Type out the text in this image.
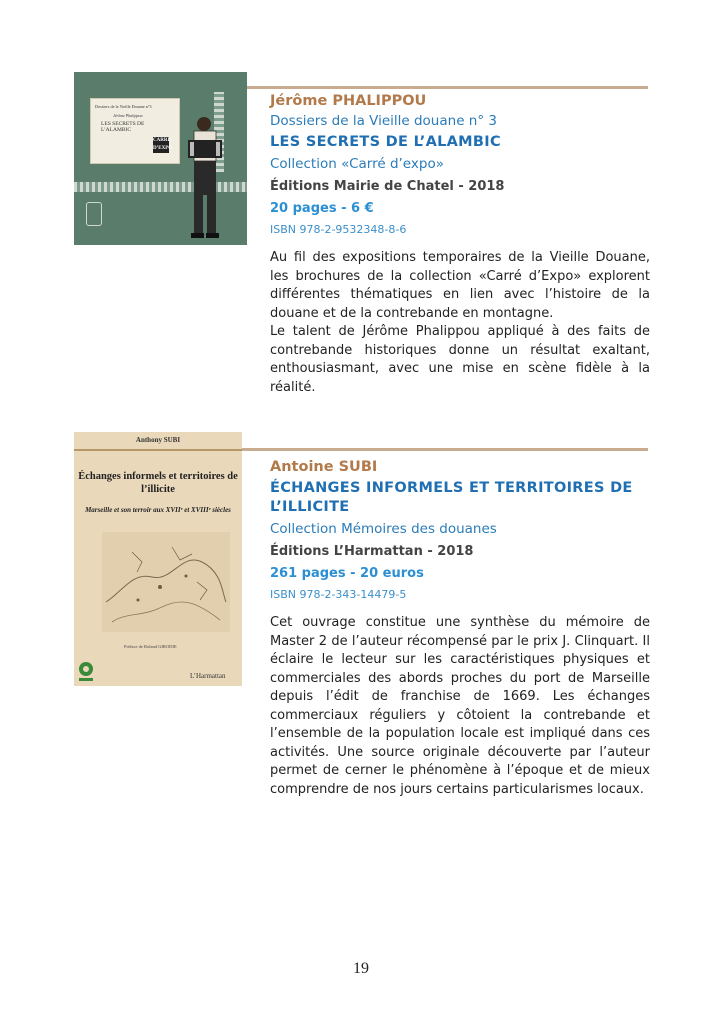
Dossiers de la Vieille Douane n°3
Jérôme Phalippou
LES SECRETS DE L’ALAMBIC
CARRÉ D’EXPO
Jérôme PHALIPPOU
Dossiers de la Vieille douane n° 3
LES SECRETS DE L’ALAMBIC
Collection «Carré d’expo»
Éditions Mairie de Chatel - 2018
20 pages - 6 €
ISBN 978-2-9532348-8-6

Au fil des expositions temporaires de la Vieille Douane, les brochures de la collection «Carré d’Expo» explorent différentes thématiques en lien avec l’histoire de la douane et de la contrebande en montagne.

Le talent de Jérôme Phalippou appliqué à des faits de contrebande historiques donne un résultat exaltant, enthousiasmant, avec une mise en scène fidèle à la réalité.

Anthony SUBI
Échanges informels et territoires de l’illicite
Marseille et son terroir aux XVIIᵉ et XVIIIᵉ siècles
Préface de Roland GIRODIE
L’Harmattan
Antoine SUBI
ÉCHANGES INFORMELS ET TERRITOIRES DE L’ILLICITE
Collection Mémoires des douanes
Éditions L’Harmattan - 2018
261 pages - 20 euros
ISBN 978-2-343-14479-5

Cet ouvrage constitue une synthèse du mémoire de Master 2 de l’auteur récompensé par le prix J. Clinquart. Il éclaire le lecteur sur les caractéristiques physiques et commerciales des abords proches du port de Marseille depuis l’édit de franchise de 1669. Les échanges commerciaux réguliers y côtoient la contrebande et l’ensemble de la population locale est impliqué dans ces activités. Une source originale découverte par l’auteur permet de cerner le phénomène à l’époque et de mieux comprendre de nos jours certains particularismes locaux.

19
